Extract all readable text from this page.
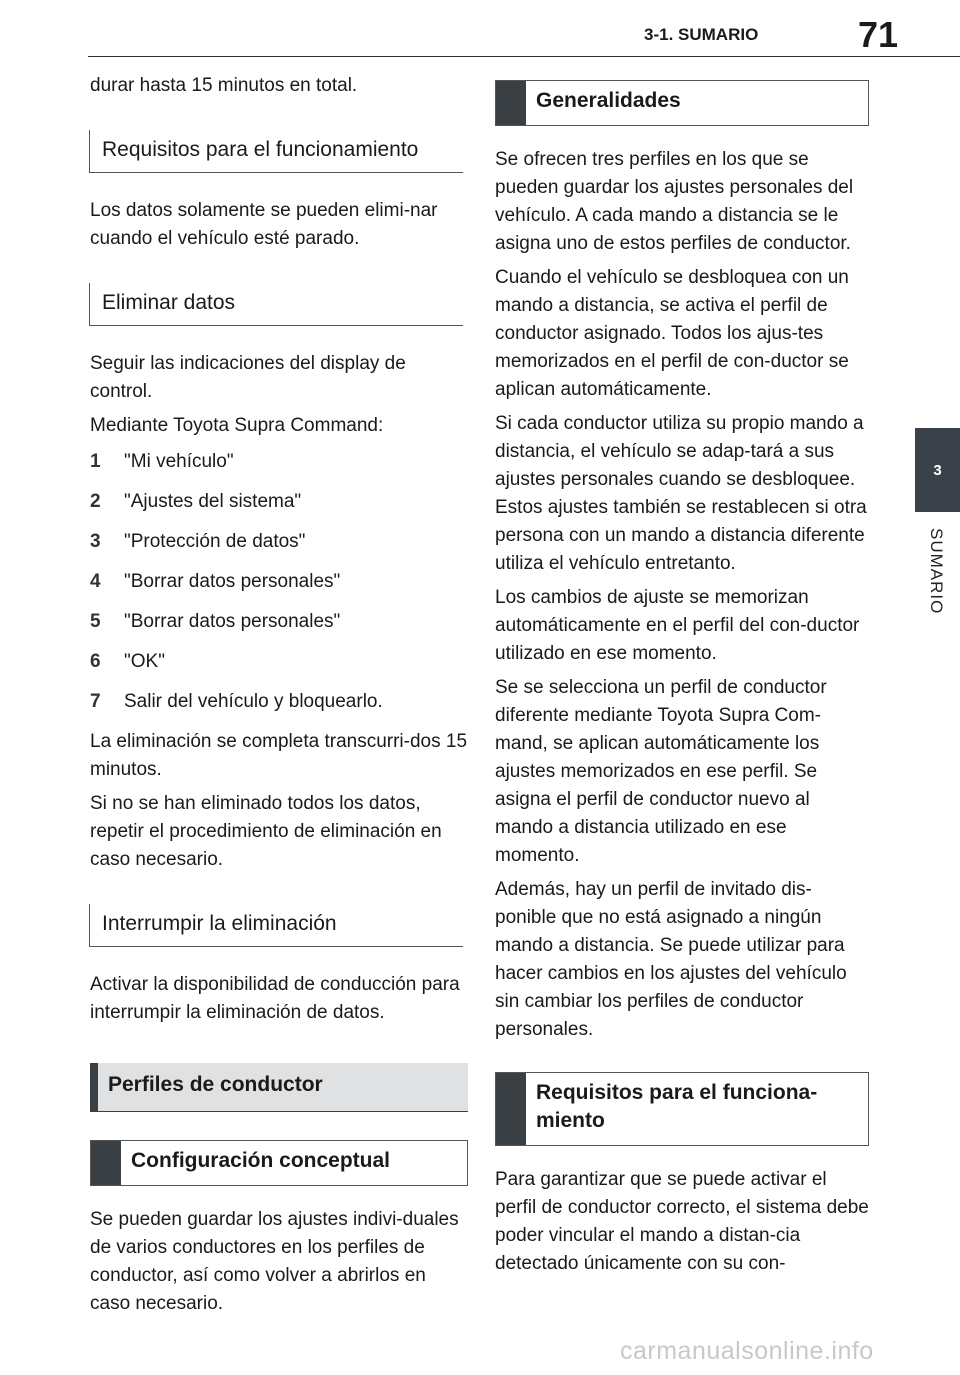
3-1. SUMARIO	71
3
SUMARIO

durar hasta 15 minutos en total.

Requisitos para el funcionamiento

Los datos solamente se pueden elimi-nar cuando el vehículo esté parado.

Eliminar datos

Seguir las indicaciones del display de control.

Mediante Toyota Supra Command:

1	"Mi vehículo"
2	"Ajustes del sistema"
3	"Protección de datos"
4	"Borrar datos personales"
5	"Borrar datos personales"
6	"OK"
7	Salir del vehículo y bloquearlo.

La eliminación se completa transcurri-dos 15 minutos.

Si no se han eliminado todos los datos, repetir el procedimiento de eliminación en caso necesario.

Interrumpir la eliminación

Activar la disponibilidad de conducción para interrumpir la eliminación de datos.

Perfiles de conductor
Configuración conceptual

Se pueden guardar los ajustes indivi-duales de varios conductores en los perfiles de conductor, así como volver a abrirlos en caso necesario.

Generalidades

Se ofrecen tres perfiles en los que se pueden guardar los ajustes personales del vehículo. A cada mando a distancia se le asigna uno de estos perfiles de conductor.

Cuando el vehículo se desbloquea con un mando a distancia, se activa el perfil de conductor asignado. Todos los ajus-tes memorizados en el perfil de con-ductor se aplican automáticamente.

Si cada conductor utiliza su propio mando a distancia, el vehículo se adap-tará a sus ajustes personales cuando se desbloquee. Estos ajustes también se restablecen si otra persona con un mando a distancia diferente utiliza el vehículo entretanto.

Los cambios de ajuste se memorizan automáticamente en el perfil del con-ductor utilizado en ese momento.

Se se selecciona un perfil de conductor diferente mediante Toyota Supra Com-mand, se aplican automáticamente los ajustes memorizados en ese perfil. Se asigna el perfil de conductor nuevo al mando a distancia utilizado en ese momento.

Además, hay un perfil de invitado dis-ponible que no está asignado a ningún mando a distancia. Se puede utilizar para hacer cambios en los ajustes del vehículo sin cambiar los perfiles de conductor personales.

Requisitos para el funciona-miento

Para garantizar que se puede activar el perfil de conductor correcto, el sistema debe poder vincular el mando a distan-cia detectado únicamente con su con-

carmanualsonline.info
